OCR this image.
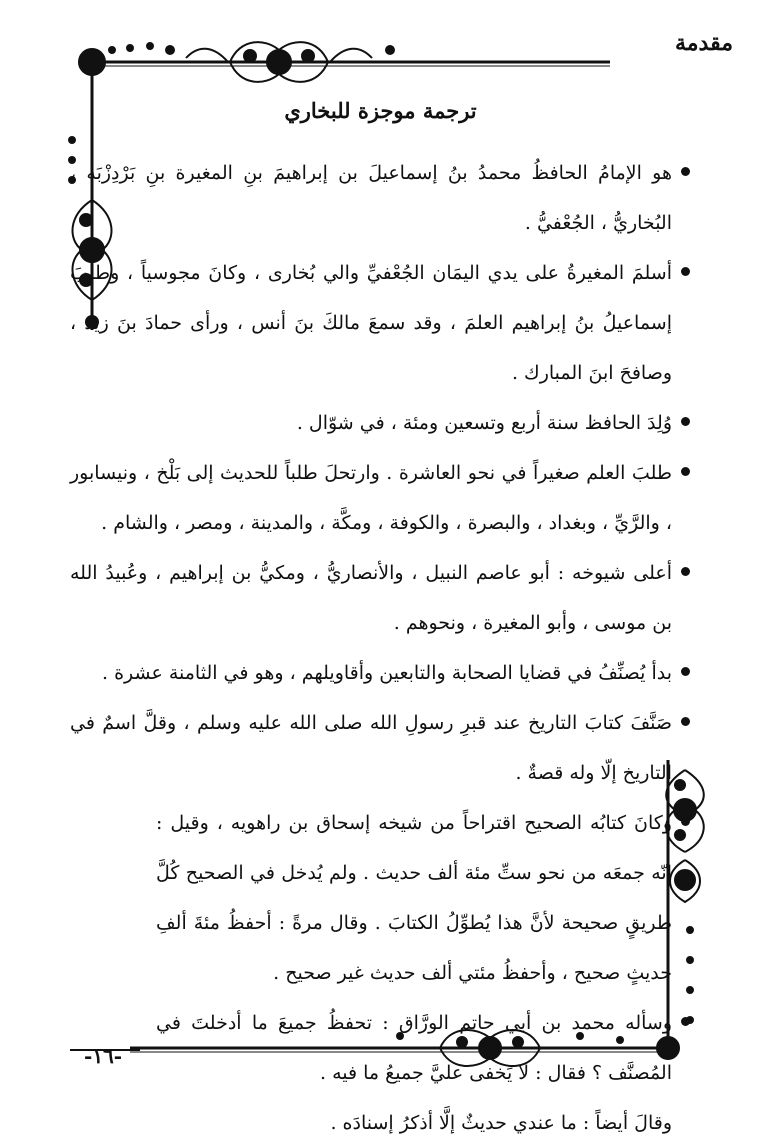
مقدمة
ترجمة موجزة للبخاري

هو الإمامُ الحافظُ محمدُ بنُ إسماعيلَ بن إبراهيمَ بنِ المغيرة بنِ بَرْدِزْبَه ، البُخاريُّ ، الجُعْفيُّ .

أسلمَ المغيرةُ على يدي اليمَان الجُعْفيِّ والي بُخارى ، وكانَ مجوسياً ، وطلبَ إسماعيلُ بنُ إبراهيم العلمَ ، وقد سمعَ مالكَ بنَ أنس ، ورأى حمادَ بنَ زيد ، وصافحَ ابنَ المبارك .

وُلِدَ الحافظ سنة أربع وتسعين ومئة ، في شوّال .

طلبَ العلم صغيراً في نحو العاشرة . وارتحلَ طلباً للحديث إلى بَلْخ ، ونيسابور ، والرَّيِّ ، وبغداد ، والبصرة ، والكوفة ، ومكَّة ، والمدينة ، ومصر ، والشام .

أعلى شيوخه : أبو عاصم النبيل ، والأنصاريُّ ، ومكيُّ بن إبراهيم ، وعُبيدُ الله بن موسى ، وأبو المغيرة ، ونحوهم .

بدأ يُصنِّفُ في قضايا الصحابة والتابعين وأقاويلهم ، وهو في الثامنة عشرة .

صَنَّفَ كتابَ التاريخ عند قبرِ رسولِ الله صلى الله عليه وسلم ، وقلَّ اسمٌ في التاريخ إلّا وله قصةٌ .

وكانَ كتابُه الصحيح اقتراحاً من شيخه إسحاق بن راهويه ، وقيل : إنّه جمعَه من نحو ستِّ مئة ألف حديث . ولم يُدخل في الصحيح كُلَّ طريقٍ صحيحة لأنَّ هذا يُطوِّلُ الكتابَ . وقال مرةً : أحفظُ مئةَ ألفِ حديثٍ صحيح ، وأحفظُ مئتي ألف حديث غير صحيح .

وسأله محمد بن أبي حاتم الورَّاق : تحفظُ جميعَ ما أدخلتَ في المُصنَّف ؟ فقال : لا يَخفى عليَّ جميعُ ما فيه .

وقالَ أيضاً : ما عندي حديثٌ إلَّا أذكرُ إسنادَه .

-١٦-
